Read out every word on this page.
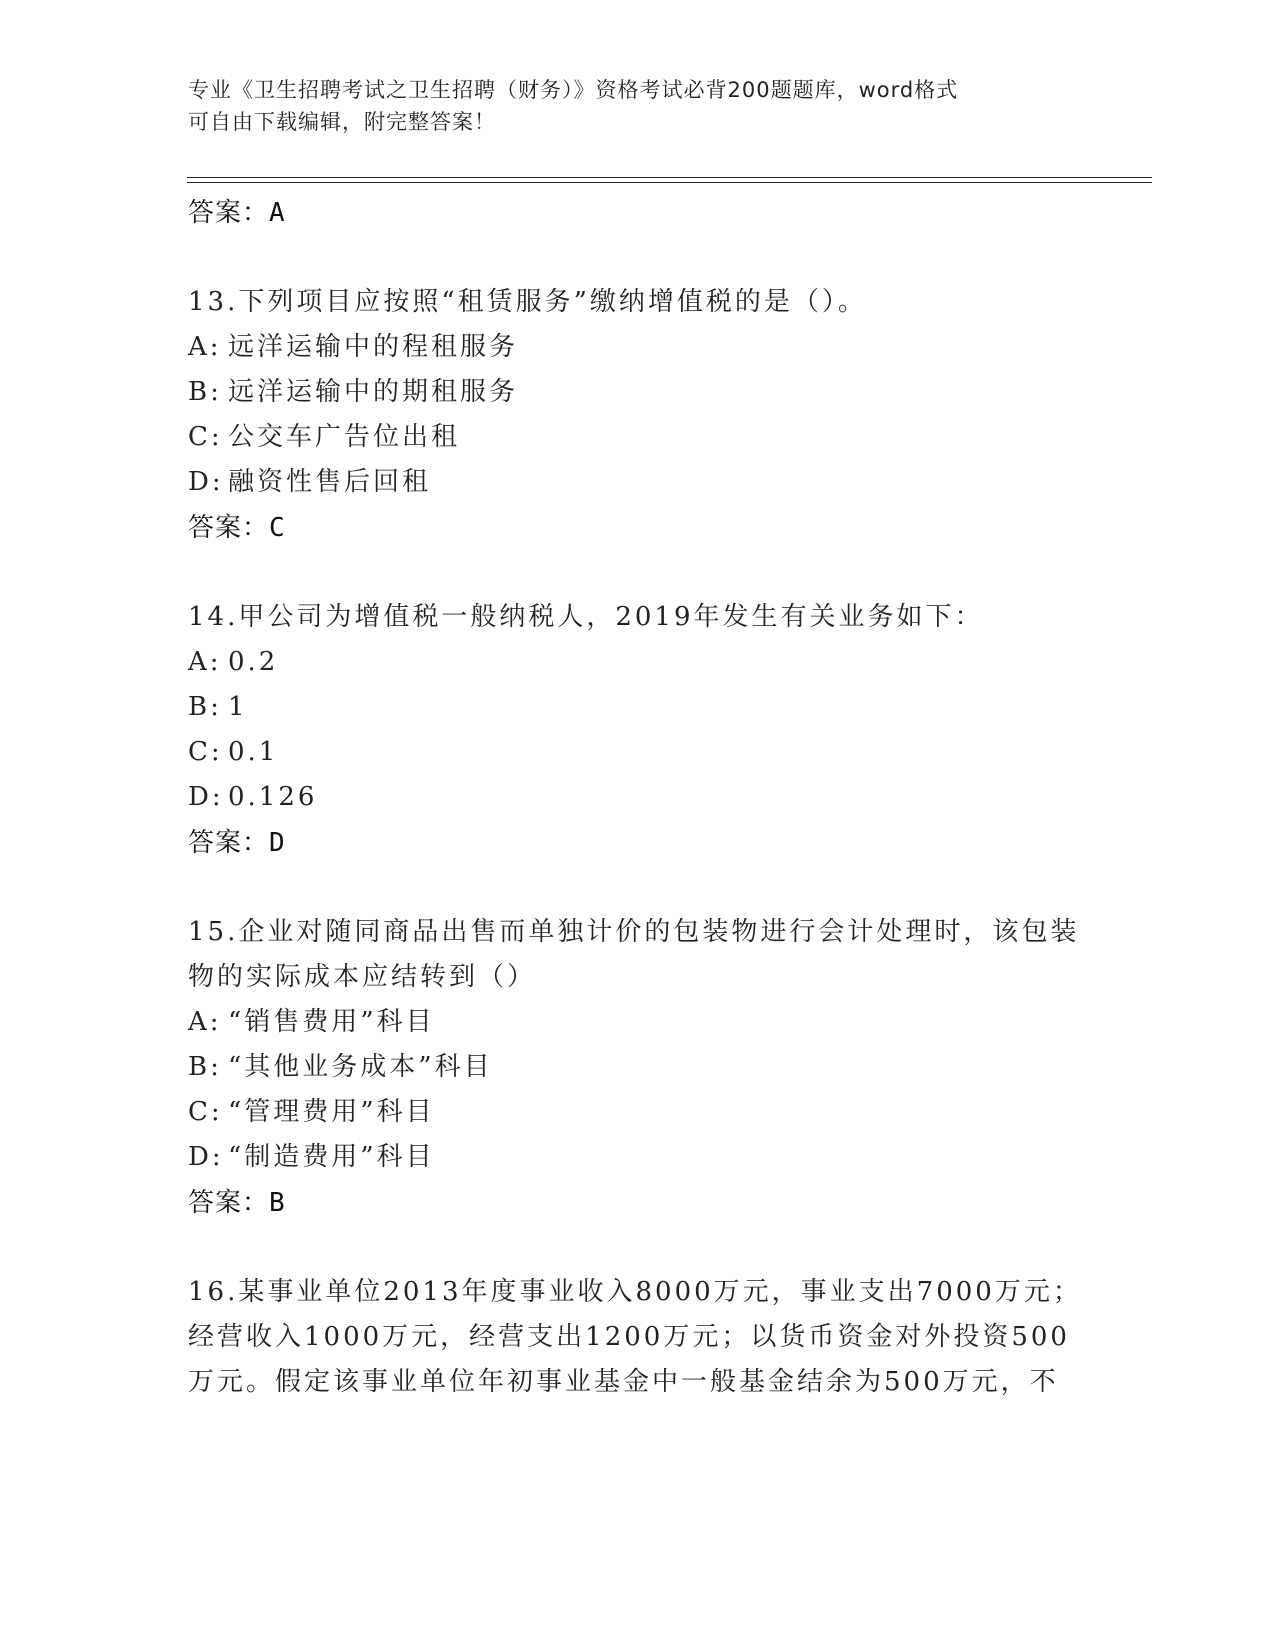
专业《卫生招聘考试之卫生招聘（财务）》资格考试必背200题题库，word格式
可自由下载编辑，附完整答案！
答案：A
13.下列项目应按照“租赁服务”缴纳增值税的是（）。
A: 远洋运输中的程租服务
B: 远洋运输中的期租服务
C: 公交车广告位出租
D: 融资性售后回租
答案：C
14.甲公司为增值税一般纳税人，2019年发生有关业务如下：
A: 0.2
B: 1
C: 0.1
D: 0.126
答案：D
15.企业对随同商品出售而单独计价的包装物进行会计处理时，该包装物的实际成本应结转到（）
A: “销售费用”科目
B: “其他业务成本”科目
C: “管理费用”科目
D: “制造费用”科目
答案：B
16.某事业单位2013年度事业收入8000万元，事业支出7000万元；经营收入1000万元，经营支出1200万元；以货币资金对外投资500万元。假定该事业单位年初事业基金中一般基金结余为500万元，不
